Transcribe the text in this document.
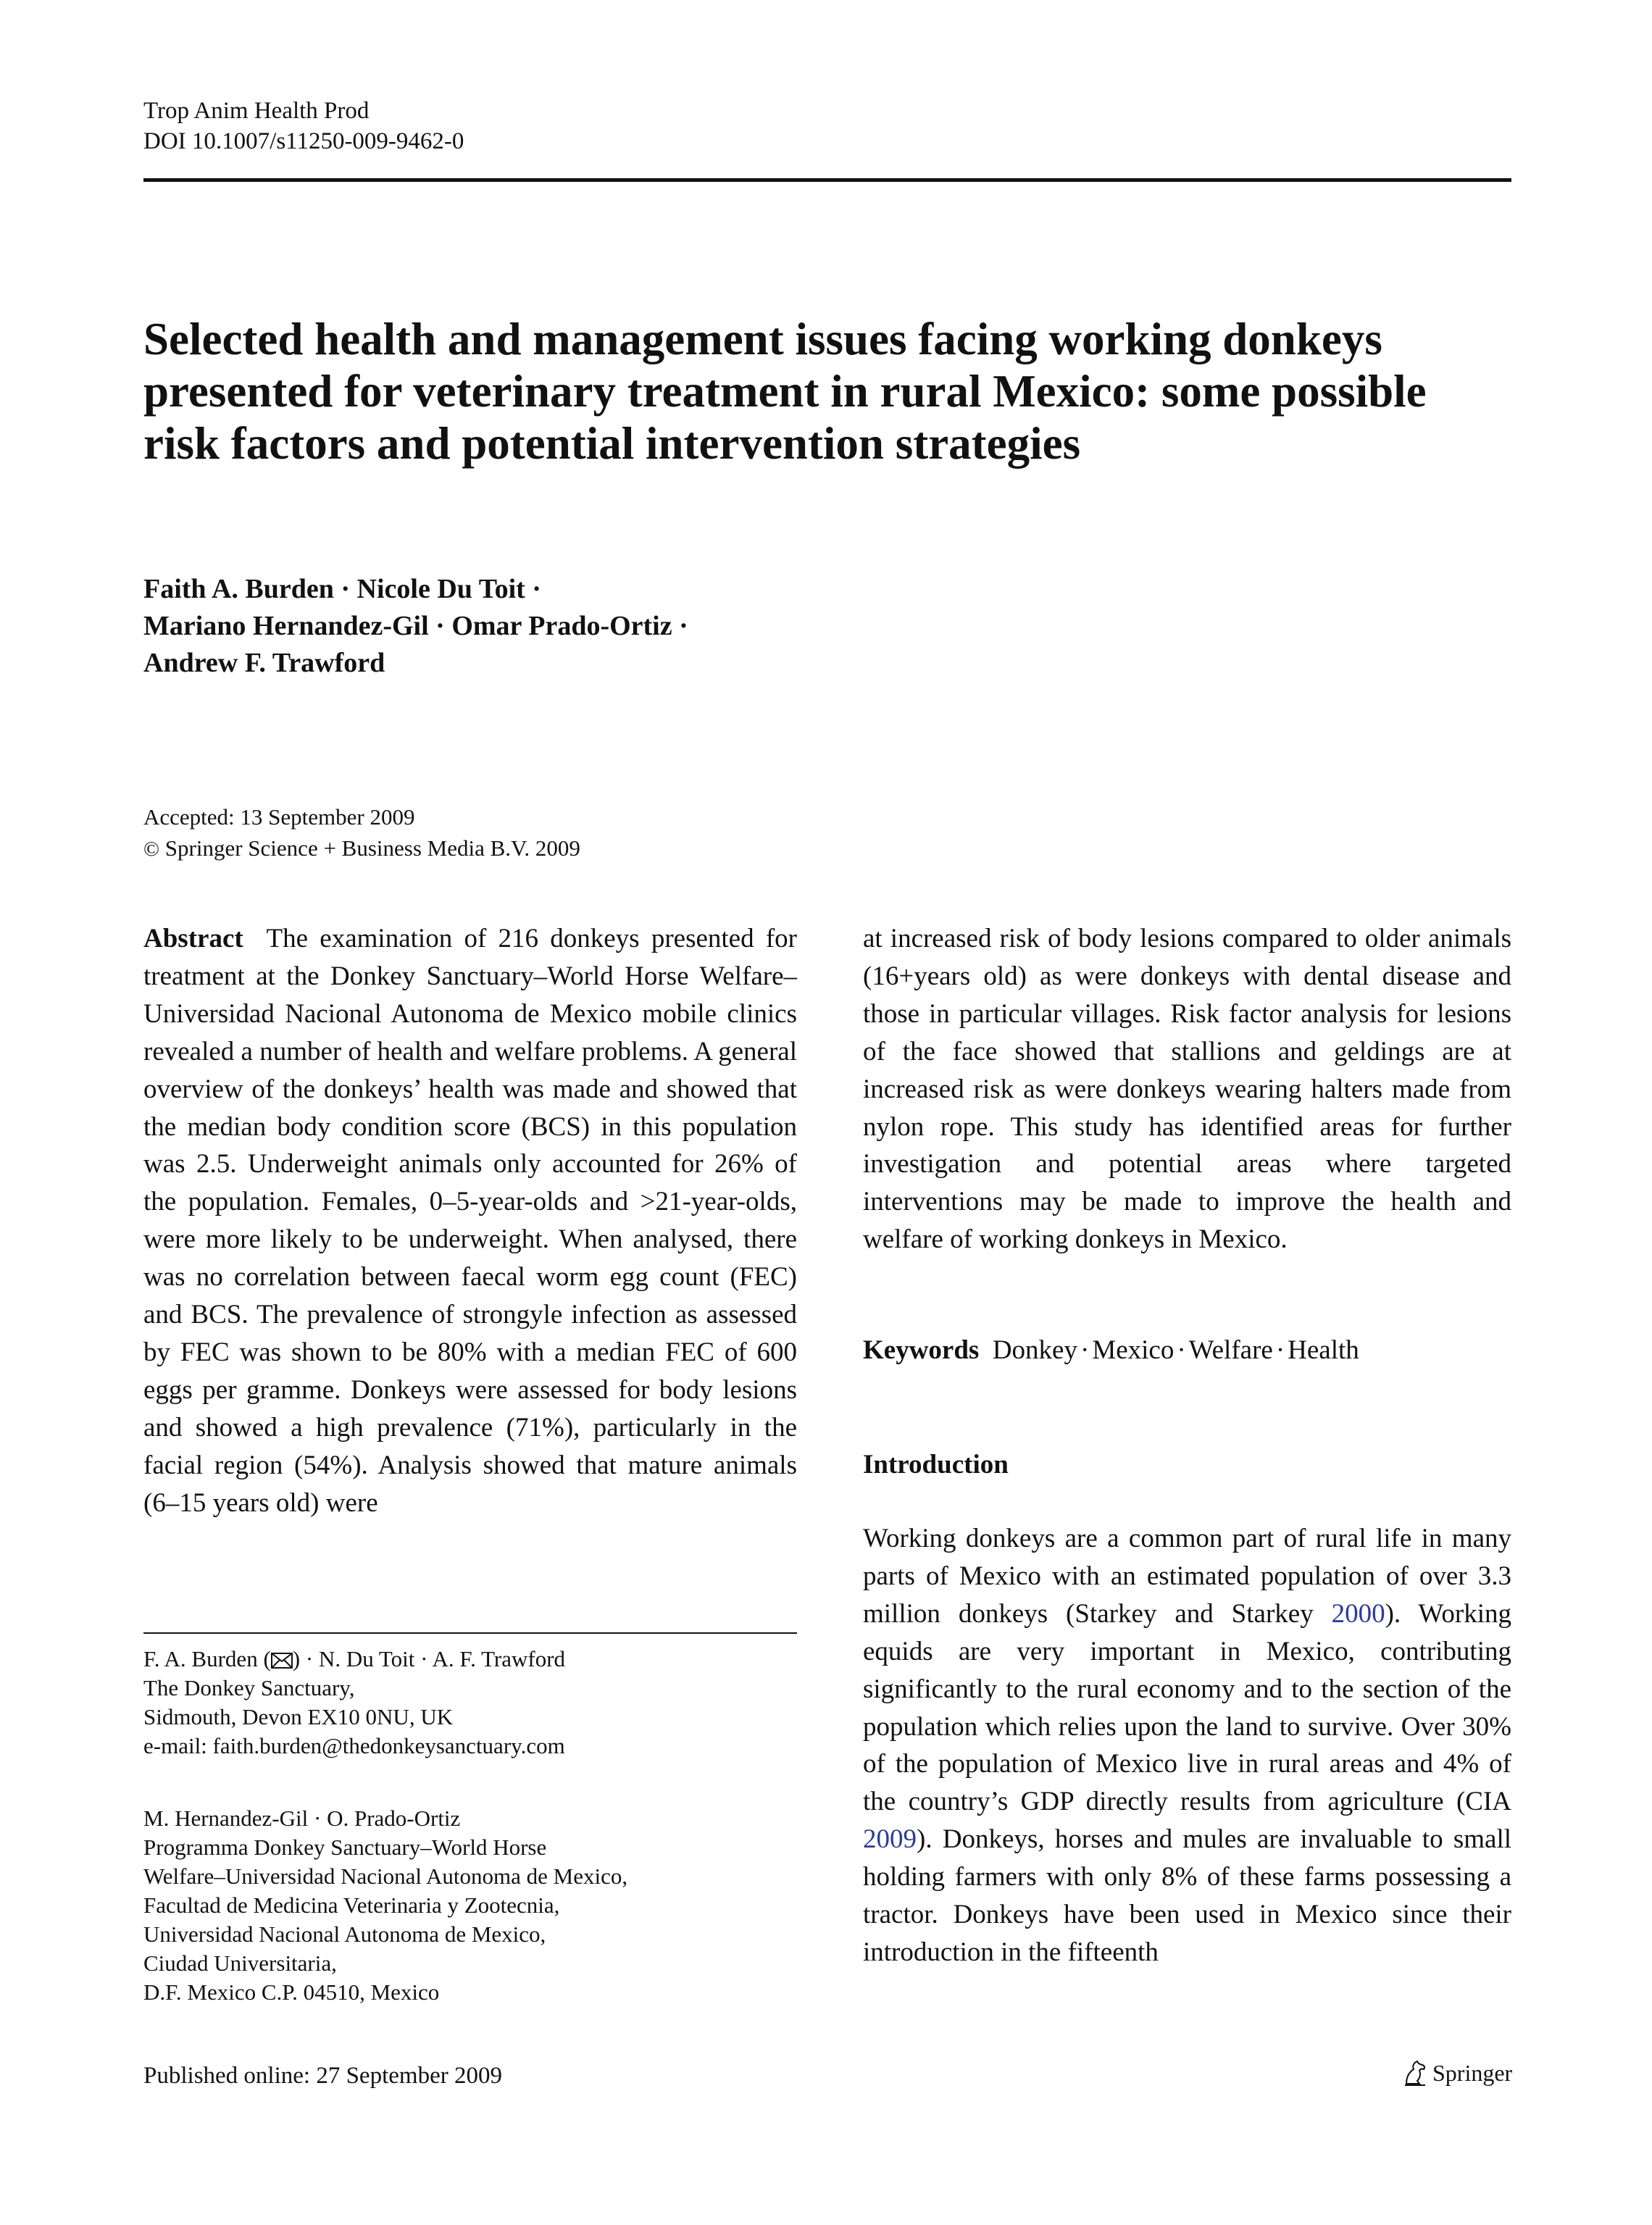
Trop Anim Health Prod
DOI 10.1007/s11250-009-9462-0
Selected health and management issues facing working donkeys presented for veterinary treatment in rural Mexico: some possible risk factors and potential intervention strategies
Faith A. Burden · Nicole Du Toit ·
Mariano Hernandez-Gil · Omar Prado-Ortiz ·
Andrew F. Trawford
Accepted: 13 September 2009
© Springer Science + Business Media B.V. 2009

Abstract The examination of 216 donkeys presented for treatment at the Donkey Sanctuary–World Horse Welfare–Universidad Nacional Autonoma de Mexico mobile clinics revealed a number of health and welfare problems. A general overview of the donkeys’ health was made and showed that the median body condition score (BCS) in this population was 2.5. Underweight animals only accounted for 26% of the population. Females, 0–5-year-olds and >21-year-olds, were more likely to be underweight. When analysed, there was no correlation between faecal worm egg count (FEC) and BCS. The prevalence of strongyle infection as assessed by FEC was shown to be 80% with a median FEC of 600 eggs per gramme. Donkeys were assessed for body lesions and showed a high prevalence (71%), particularly in the facial region (54%). Analysis showed that mature animals (6–15 years old) were

at increased risk of body lesions compared to older animals (16+years old) as were donkeys with dental disease and those in particular villages. Risk factor analysis for lesions of the face showed that stallions and geldings are at increased risk as were donkeys wearing halters made from nylon rope. This study has identified areas for further investigation and potential areas where targeted interventions may be made to improve the health and welfare of working donkeys in Mexico.

Keywords Donkey · Mexico · Welfare · Health
Introduction

Working donkeys are a common part of rural life in many parts of Mexico with an estimated population of over 3.3 million donkeys (Starkey and Starkey 2000). Working equids are very important in Mexico, contributing significantly to the rural economy and to the section of the population which relies upon the land to survive. Over 30% of the population of Mexico live in rural areas and 4% of the country’s GDP directly results from agriculture (CIA 2009). Donkeys, horses and mules are invaluable to small holding farmers with only 8% of these farms possessing a tractor. Donkeys have been used in Mexico since their introduction in the fifteenth

F. A. Burden ( ) · N. Du Toit · A. F. Trawford
The Donkey Sanctuary,
Sidmouth, Devon EX10 0NU, UK
e-mail: faith.burden@thedonkeysanctuary.com
M. Hernandez-Gil · O. Prado-Ortiz
Programma Donkey Sanctuary–World Horse
Welfare–Universidad Nacional Autonoma de Mexico,
Facultad de Medicina Veterinaria y Zootecnia,
Universidad Nacional Autonoma de Mexico,
Ciudad Universitaria,
D.F. Mexico C.P. 04510, Mexico
Published online: 27 September 2009	Springer
